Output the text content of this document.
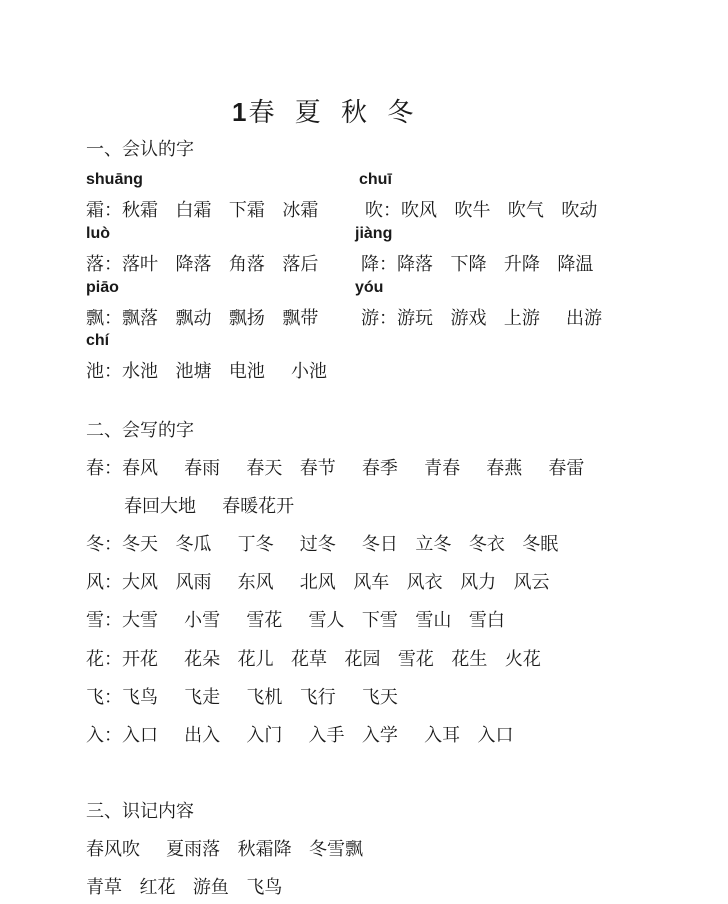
1春 夏 秋 冬
一、会认的字
shuāng
霜：秋霜  白霜  下霜  冰霜
luò
落：落叶  降落  角落  落后
piāo
飘：飘落  飘动  飘扬  飘带
chí
池：水池  池塘  电池   小池
chuī
吹：吹风  吹牛  吹气  吹动
jiàng
降：降落  下降  升降  降温
yóu
游：游玩  游戏  上游   出游
二、会写的字
春：春风   春雨   春天  春节   春季   青春   春燕   春雷
春回大地   春暖花开
冬：冬天  冬瓜   丁冬   过冬   冬日  立冬  冬衣  冬眠
风：大风  风雨   东风   北风  风车  风衣  风力  风云
雪：大雪   小雪   雪花   雪人  下雪  雪山  雪白
花：开花   花朵  花儿  花草  花园  雪花  花生  火花
飞：飞鸟   飞走   飞机  飞行   飞天
入：入口   出入   入门   入手  入学   入耳  入口
三、识记内容
春风吹   夏雨落  秋霜降  冬雪飘
青草  红花  游鱼  飞鸟
